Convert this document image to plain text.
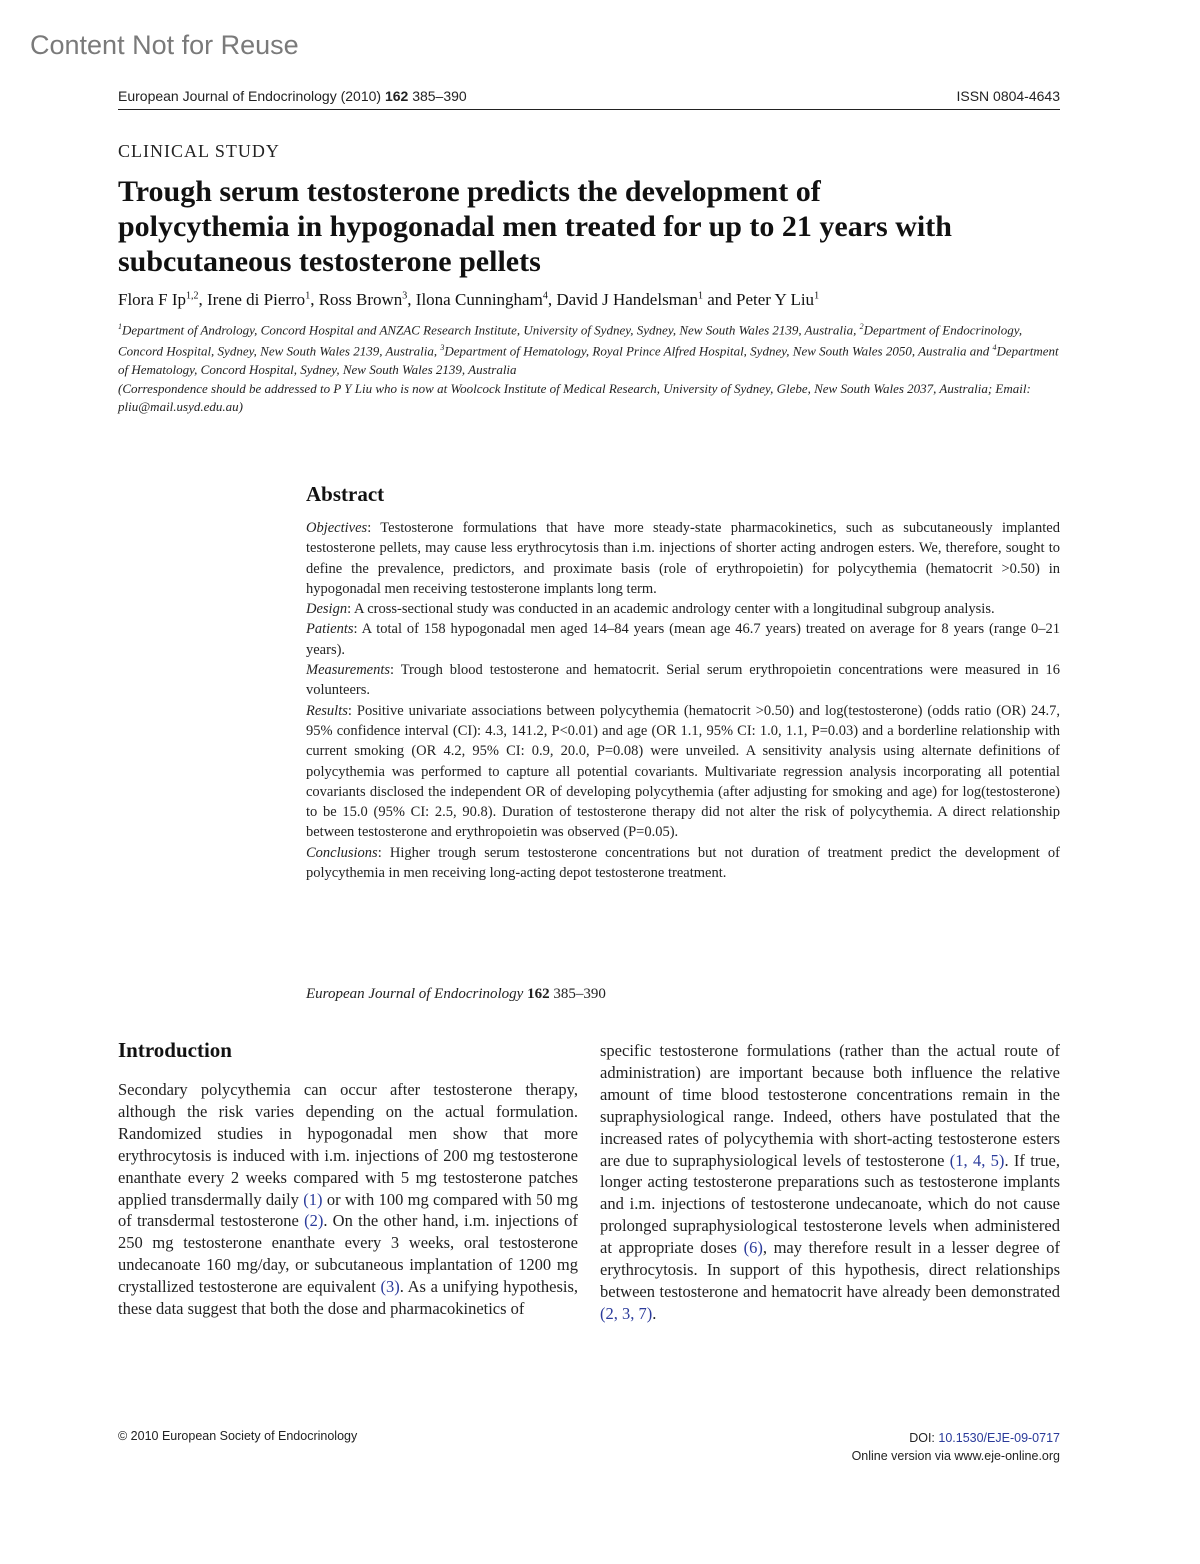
Content Not for Reuse
European Journal of Endocrinology (2010) 162 385–390	ISSN 0804-4643
CLINICAL STUDY
Trough serum testosterone predicts the development of polycythemia in hypogonadal men treated for up to 21 years with subcutaneous testosterone pellets
Flora F Ip$^{1,2}$, Irene di Pierro$^1$, Ross Brown$^3$, Ilona Cunningham$^4$, David J Handelsman$^1$ and Peter Y Liu$^1$
$^1$Department of Andrology, Concord Hospital and ANZAC Research Institute, University of Sydney, Sydney, New South Wales 2139, Australia, $^2$Department of Endocrinology, Concord Hospital, Sydney, New South Wales 2139, Australia, $^3$Department of Hematology, Royal Prince Alfred Hospital, Sydney, New South Wales 2050, Australia and $^4$Department of Hematology, Concord Hospital, Sydney, New South Wales 2139, Australia
(Correspondence should be addressed to P Y Liu who is now at Woolcock Institute of Medical Research, University of Sydney, Glebe, New South Wales 2037, Australia; Email: pliu@mail.usyd.edu.au)
Abstract

Objectives: Testosterone formulations that have more steady-state pharmacokinetics, such as subcutaneously implanted testosterone pellets, may cause less erythrocytosis than i.m. injections of shorter acting androgen esters. We, therefore, sought to define the prevalence, predictors, and proximate basis (role of erythropoietin) for polycythemia (hematocrit >0.50) in hypogonadal men receiving testosterone implants long term.

Design: A cross-sectional study was conducted in an academic andrology center with a longitudinal subgroup analysis.

Patients: A total of 158 hypogonadal men aged 14–84 years (mean age 46.7 years) treated on average for 8 years (range 0–21 years).

Measurements: Trough blood testosterone and hematocrit. Serial serum erythropoietin concentrations were measured in 16 volunteers.

Results: Positive univariate associations between polycythemia (hematocrit >0.50) and log(testosterone) (odds ratio (OR) 24.7, 95% confidence interval (CI): 4.3, 141.2, P<0.01) and age (OR 1.1, 95% CI: 1.0, 1.1, P=0.03) and a borderline relationship with current smoking (OR 4.2, 95% CI: 0.9, 20.0, P=0.08) were unveiled. A sensitivity analysis using alternate definitions of polycythemia was performed to capture all potential covariants. Multivariate regression analysis incorporating all potential covariants disclosed the independent OR of developing polycythemia (after adjusting for smoking and age) for log(testosterone) to be 15.0 (95% CI: 2.5, 90.8). Duration of testosterone therapy did not alter the risk of polycythemia. A direct relationship between testosterone and erythropoietin was observed (P=0.05).

Conclusions: Higher trough serum testosterone concentrations but not duration of treatment predict the development of polycythemia in men receiving long-acting depot testosterone treatment.

European Journal of Endocrinology 162 385–390
Introduction

Secondary polycythemia can occur after testosterone therapy, although the risk varies depending on the actual formulation. Randomized studies in hypogonadal men show that more erythrocytosis is induced with i.m. injections of 200 mg testosterone enanthate every 2 weeks compared with 5 mg testosterone patches applied transdermally daily (1) or with 100 mg compared with 50 mg of transdermal testosterone (2). On the other hand, i.m. injections of 250 mg testosterone enanthate every 3 weeks, oral testosterone undecanoate 160 mg/day, or subcutaneous implantation of 1200 mg crystallized testosterone are equivalent (3). As a unifying hypothesis, these data suggest that both the dose and pharmacokinetics of

specific testosterone formulations (rather than the actual route of administration) are important because both influence the relative amount of time blood testosterone concentrations remain in the supraphysiological range. Indeed, others have postulated that the increased rates of polycythemia with short-acting testosterone esters are due to supraphysiological levels of testosterone (1, 4, 5). If true, longer acting testosterone preparations such as testosterone implants and i.m. injections of testosterone undecanoate, which do not cause prolonged supraphysiological testosterone levels when administered at appropriate doses (6), may therefore result in a lesser degree of erythrocytosis. In support of this hypothesis, direct relationships between testosterone and hematocrit have already been demonstrated (2, 3, 7).

© 2010 European Society of Endocrinology	DOI: 10.1530/EJE-09-0717
Online version via www.eje-online.org
